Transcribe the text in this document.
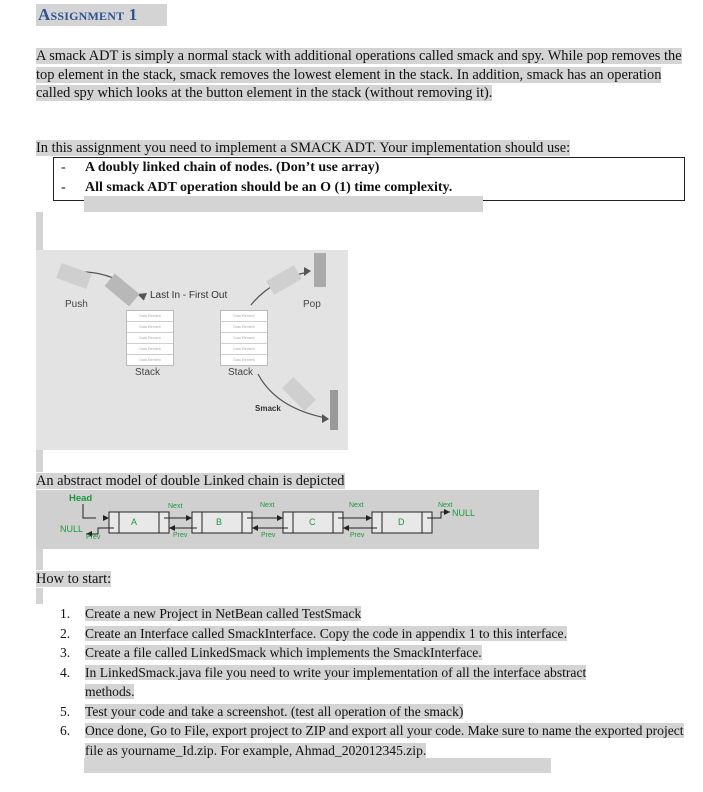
Assignment 1
A smack ADT is simply a normal stack with additional operations called smack and spy. While pop removes the top element in the stack, smack removes the lowest element in the stack. In addition, smack has an operation called spy which looks at the button element in the stack (without removing it).
In this assignment you need to implement a SMACK ADT. Your implementation should use:
- A doubly linked chain of nodes. (Don’t use array)
- All smack ADT operation should be an O (1) time complexity.
Push	Pop
Last In - First Out
Data Element
Data Element
Data Element
Data Element
Data Element
Data Element
Data Element
Data Element
Data Element
Data Element
Stack	Stack
Smack
An abstract model of double Linked chain is depicted
Head
NULL
NULL
Next	Next	Next	Next
Prev	Prev	Prev	Prev
A	B	C	D
How to start:
1.	Create a new Project in NetBean called TestSmack
2.	Create an Interface called SmackInterface. Copy the code in appendix 1 to this interface.
3.	Create a file called LinkedSmack which implements the SmackInterface.
4.	In LinkedSmack.java file you need to write your implementation of all the interface abstract methods.
5.	Test your code and take a screenshot. (test all operation of the smack)
6.	Once done, Go to File, export project to ZIP and export all your code. Make sure to name the exported project file as yourname_Id.zip. For example, Ahmad_202012345.zip.
